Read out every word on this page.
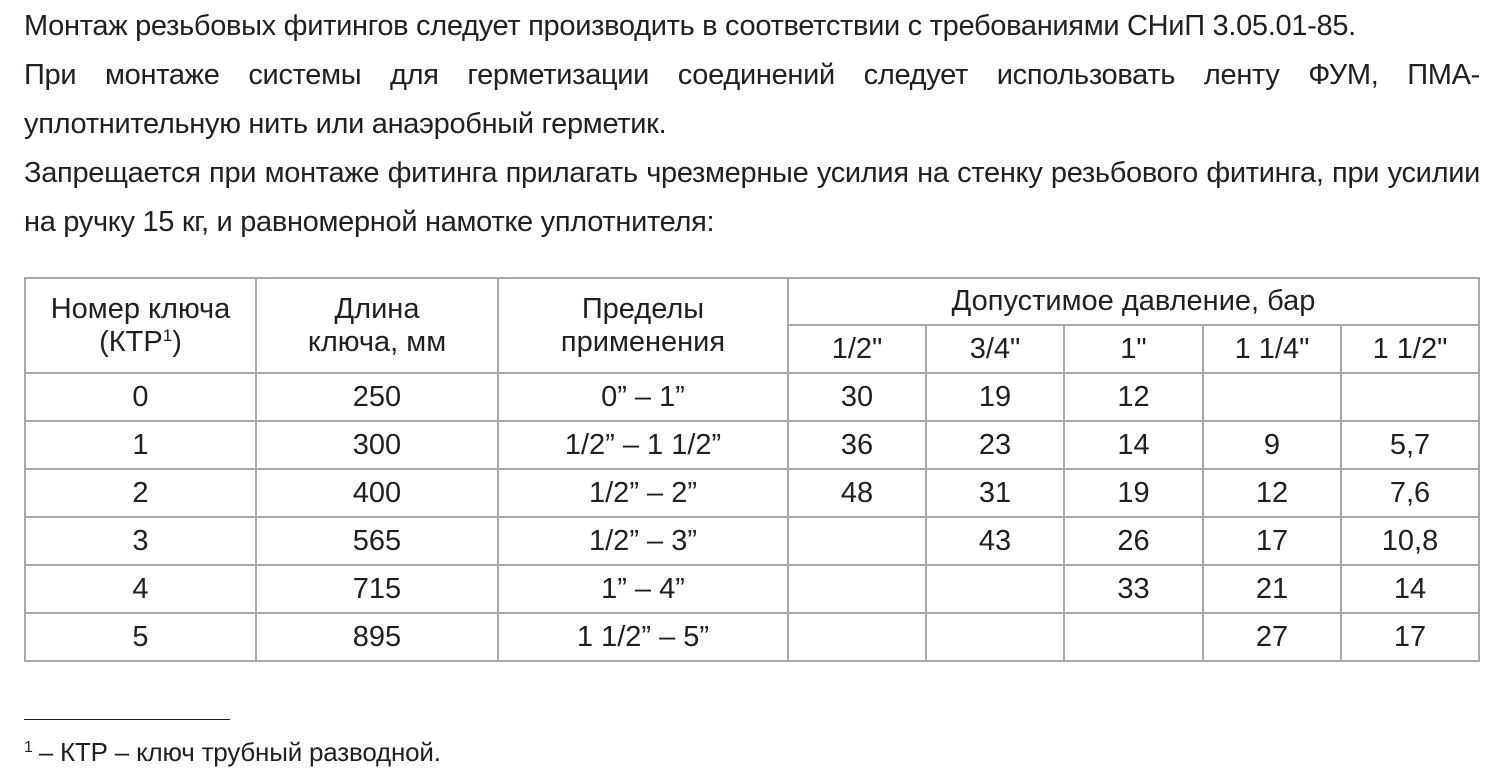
Монтаж резьбовых фитингов следует производить в соответствии с требованиями СНиП 3.05.01-85.

При монтаже системы для герметизации соединений следует использовать ленту ФУМ, ПМА-уплотнительную нить или анаэробный герметик.

Запрещается при монтаже фитинга прилагать чрезмерные усилия на стенку резьбового фитинга, при усилии на ручку 15 кг, и равномерной намотке уплотнителя:

Номер ключа (КТР$^1$)	Длина ключа, мм	Пределы применения	Допустимое давление, бар				
			1/2"	3/4"	1"	1 1/4"	1 1/2"
0	250	0” – 1”	30	19	12		
1	300	1/2” – 1 1/2”	36	23	14	9	5,7
2	400	1/2” – 2”	48	31	19	12	7,6
3	565	1/2” – 3”		43	26	17	10,8
4	715	1” – 4”			33	21	14
5	895	1 1/2” – 5”				27	17
$^1$ – КТР – ключ трубный разводной.
